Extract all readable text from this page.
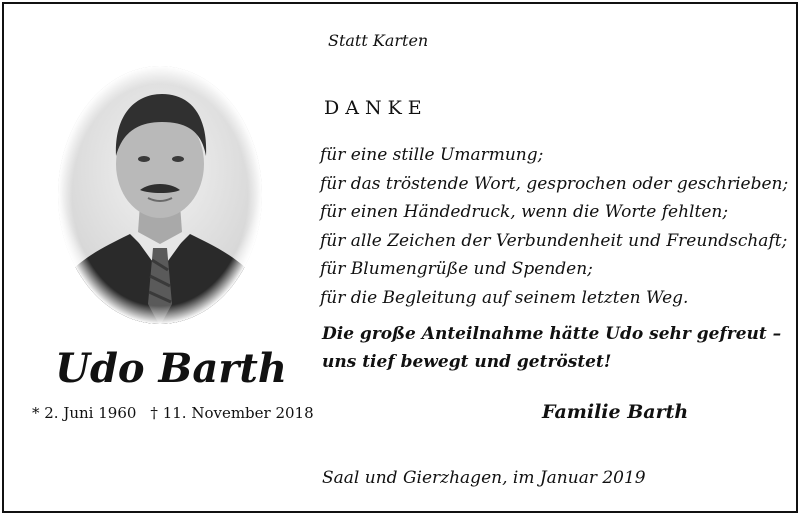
Statt Karten
Udo Barth
* 2. Juni 1960 † 11. November 2018
DANKE
für eine stille Umarmung;
für das tröstende Wort, gesprochen oder geschrieben;
für einen Händedruck, wenn die Worte fehlten;
für alle Zeichen der Verbundenheit und Freundschaft;
für Blumengrüße und Spenden;
für die Begleitung auf seinem letzten Weg.
Die große Anteilnahme hätte Udo sehr gefreut –
uns tief bewegt und getröstet!
Familie Barth
Saal und Gierzhagen, im Januar 2019
